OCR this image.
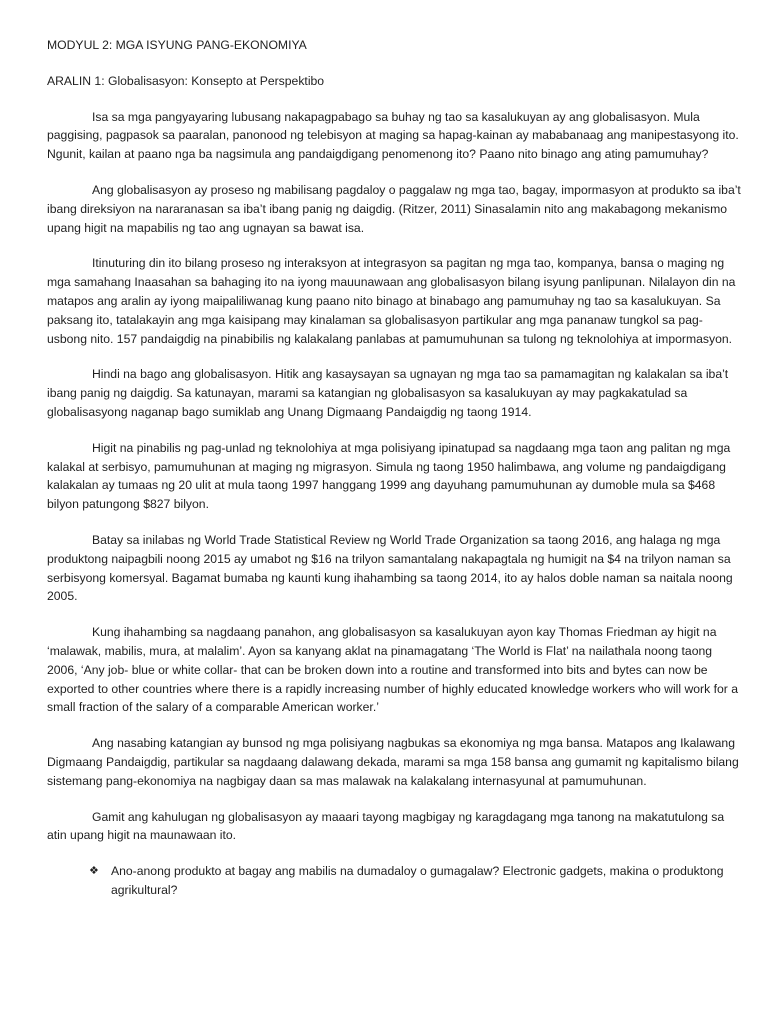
MODYUL 2: MGA ISYUNG PANG-EKONOMIYA

ARALIN 1: Globalisasyon: Konsepto at Perspektibo

Isa sa mga pangyayaring lubusang nakapagpabago sa buhay ng tao sa kasalukuyan ay ang globalisasyon. Mula paggising, pagpasok sa paaralan, panonood ng telebisyon at maging sa hapag-kainan ay mababanaag ang manipestasyong ito. Ngunit, kailan at paano nga ba nagsimula ang pandaigdigang penomenong ito? Paano nito binago ang ating pamumuhay?

Ang globalisasyon ay proseso ng mabilisang pagdaloy o paggalaw ng mga tao, bagay, impormasyon at produkto sa iba’t ibang direksiyon na nararanasan sa iba’t ibang panig ng daigdig. (Ritzer, 2011) Sinasalamin nito ang makabagong mekanismo upang higit na mapabilis ng tao ang ugnayan sa bawat isa.

Itinuturing din ito bilang proseso ng interaksyon at integrasyon sa pagitan ng mga tao, kompanya, bansa o maging ng mga samahang Inaasahan sa bahaging ito na iyong mauunawaan ang globalisasyon bilang isyung panlipunan. Nilalayon din na matapos ang aralin ay iyong maipaliliwanag kung paano nito binago at binabago ang pamumuhay ng tao sa kasalukuyan. Sa paksang ito, tatalakayin ang mga kaisipang may kinalaman sa globalisasyon partikular ang mga pananaw tungkol sa pag-usbong nito. 157 pandaigdig na pinabibilis ng kalakalang panlabas at pamumuhunan sa tulong ng teknolohiya at impormasyon.

Hindi na bago ang globalisasyon. Hitik ang kasaysayan sa ugnayan ng mga tao sa pamamagitan ng kalakalan sa iba’t ibang panig ng daigdig. Sa katunayan, marami sa katangian ng globalisasyon sa kasalukuyan ay may pagkakatulad sa globalisasyong naganap bago sumiklab ang Unang Digmaang Pandaigdig ng taong 1914.

Higit na pinabilis ng pag-unlad ng teknolohiya at mga polisiyang ipinatupad sa nagdaang mga taon ang palitan ng mga kalakal at serbisyo, pamumuhunan at maging ng migrasyon. Simula ng taong 1950 halimbawa, ang volume ng pandaigdigang kalakalan ay tumaas ng 20 ulit at mula taong 1997 hanggang 1999 ang dayuhang pamumuhunan ay dumoble mula sa $468 bilyon patungong $827 bilyon.

Batay sa inilabas ng World Trade Statistical Review ng World Trade Organization sa taong 2016, ang halaga ng mga produktong naipagbili noong 2015 ay umabot ng $16 na trilyon samantalang nakapagtala ng humigit na $4 na trilyon naman sa serbisyong komersyal. Bagamat bumaba ng kaunti kung ihahambing sa taong 2014, ito ay halos doble naman sa naitala noong 2005.

Kung ihahambing sa nagdaang panahon, ang globalisasyon sa kasalukuyan ayon kay Thomas Friedman ay higit na ‘malawak, mabilis, mura, at malalim’. Ayon sa kanyang aklat na pinamagatang ‘The World is Flat’ na nailathala noong taong 2006, ‘Any job- blue or white collar- that can be broken down into a routine and transformed into bits and bytes can now be exported to other countries where there is a rapidly increasing number of highly educated knowledge workers who will work for a small fraction of the salary of a comparable American worker.’

Ang nasabing katangian ay bunsod ng mga polisiyang nagbukas sa ekonomiya ng mga bansa. Matapos ang Ikalawang Digmaang Pandaigdig, partikular sa nagdaang dalawang dekada, marami sa mga 158 bansa ang gumamit ng kapitalismo bilang sistemang pang-ekonomiya na nagbigay daan sa mas malawak na kalakalang internasyunal at pamumuhunan.

Gamit ang kahulugan ng globalisasyon ay maaari tayong magbigay ng karagdagang mga tanong na makatutulong sa atin upang higit na maunawaan ito.

❖ Ano-anong produkto at bagay ang mabilis na dumadaloy o gumagalaw? Electronic gadgets, makina o produktong agrikultural?
